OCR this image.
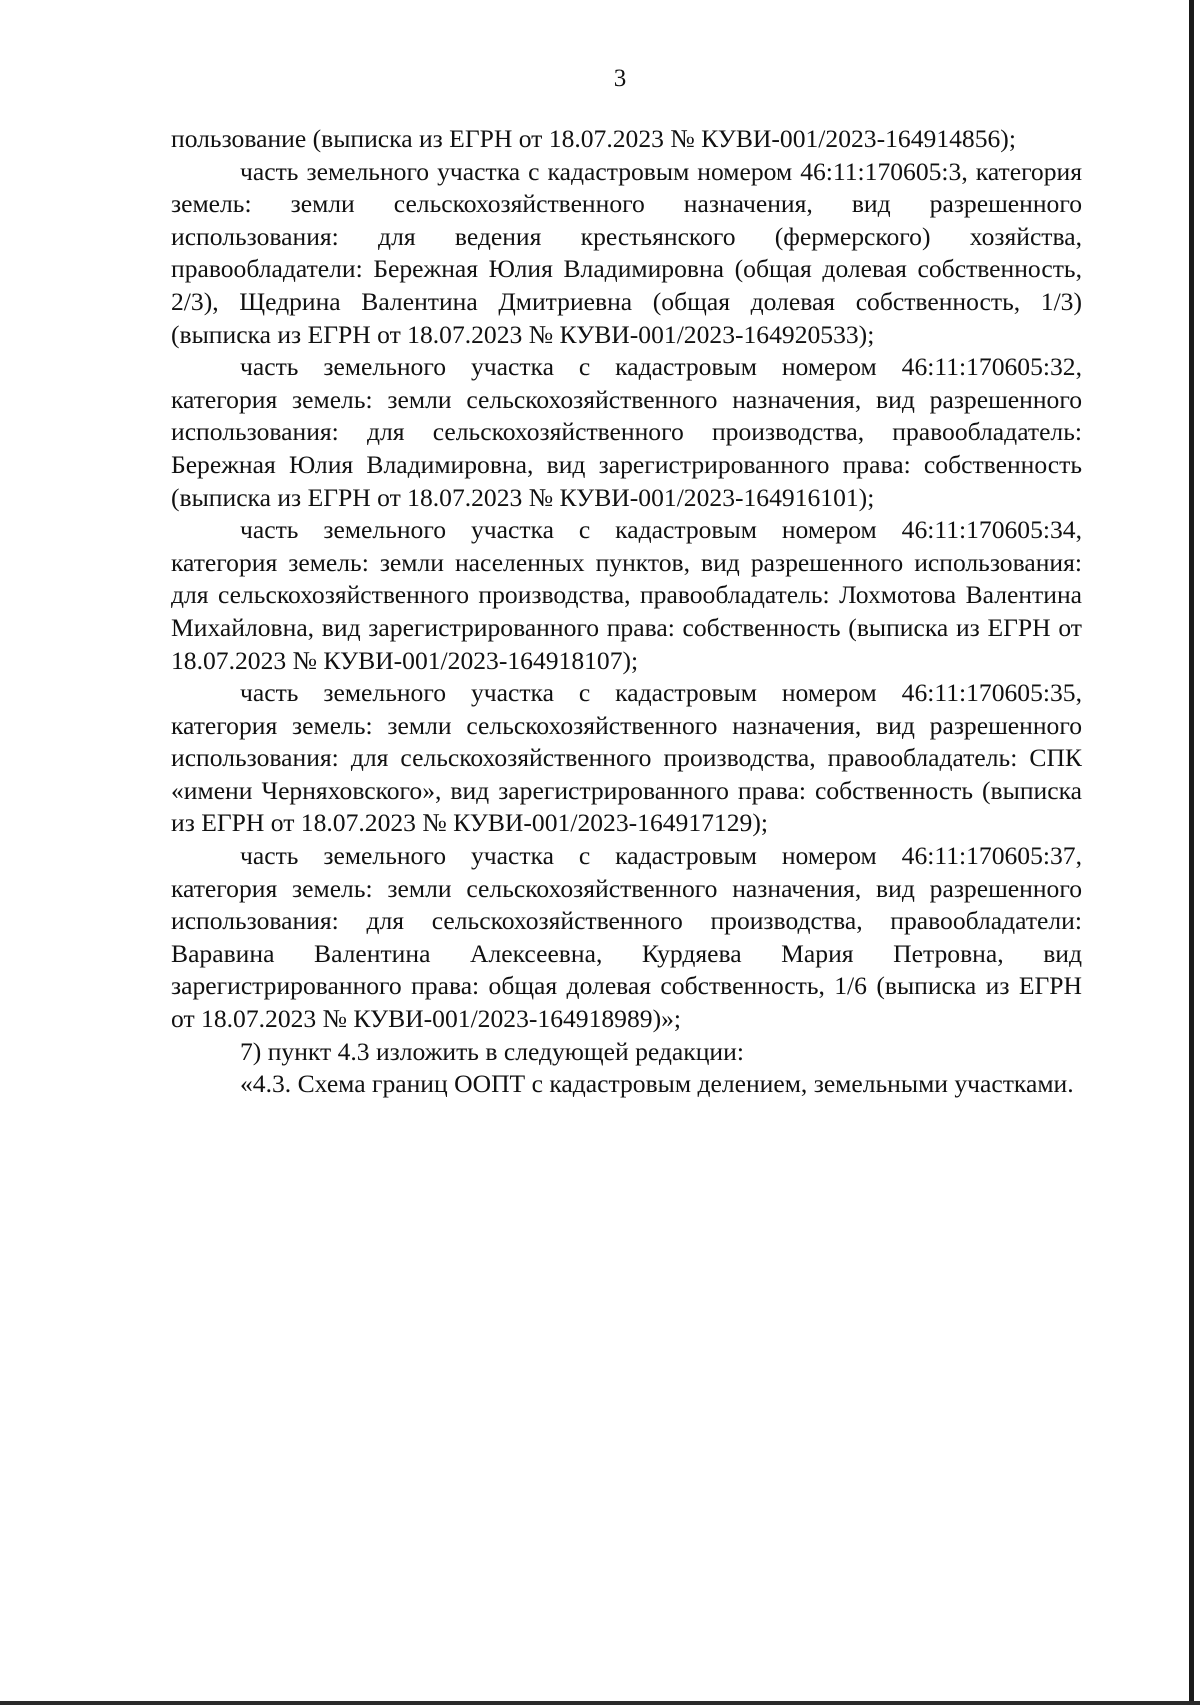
3

пользование (выписка из ЕГРН от 18.07.2023 № КУВИ-001/2023-164914856);

часть земельного участка с кадастровым номером 46:11:170605:3, категория земель: земли сельскохозяйственного назначения, вид разрешенного использования: для ведения крестьянского (фермерского) хозяйства, правообладатели: Бережная Юлия Владимировна (общая долевая собственность, 2/3), Щедрина Валентина Дмитриевна (общая долевая собственность, 1/3) (выписка из ЕГРН от 18.07.2023 № КУВИ-001/2023-164920533);

часть земельного участка с кадастровым номером 46:11:170605:32, категория земель: земли сельскохозяйственного назначения, вид разрешенного использования: для сельскохозяйственного производства, правообладатель: Бережная Юлия Владимировна, вид зарегистрированного права: собственность (выписка из ЕГРН от 18.07.2023 № КУВИ-001/2023-164916101);

часть земельного участка с кадастровым номером 46:11:170605:34, категория земель: земли населенных пунктов, вид разрешенного использования: для сельскохозяйственного производства, правообладатель: Лохмотова Валентина Михайловна, вид зарегистрированного права: собственность (выписка из ЕГРН от 18.07.2023 № КУВИ-001/2023-164918107);

часть земельного участка с кадастровым номером 46:11:170605:35, категория земель: земли сельскохозяйственного назначения, вид разрешенного использования: для сельскохозяйственного производства, правообладатель: СПК «имени Черняховского», вид зарегистрированного права: собственность (выписка из ЕГРН от 18.07.2023 № КУВИ-001/2023-164917129);

часть земельного участка с кадастровым номером 46:11:170605:37, категория земель: земли сельскохозяйственного назначения, вид разрешенного использования: для сельскохозяйственного производства, правообладатели: Варавина Валентина Алексеевна, Курдяева Мария Петровна, вид зарегистрированного права: общая долевая собственность, 1/6 (выписка из ЕГРН от 18.07.2023 № КУВИ-001/2023-164918989)»;

7) пункт 4.3 изложить в следующей редакции:

«4.3. Схема границ ООПТ с кадастровым делением, земельными участками.
